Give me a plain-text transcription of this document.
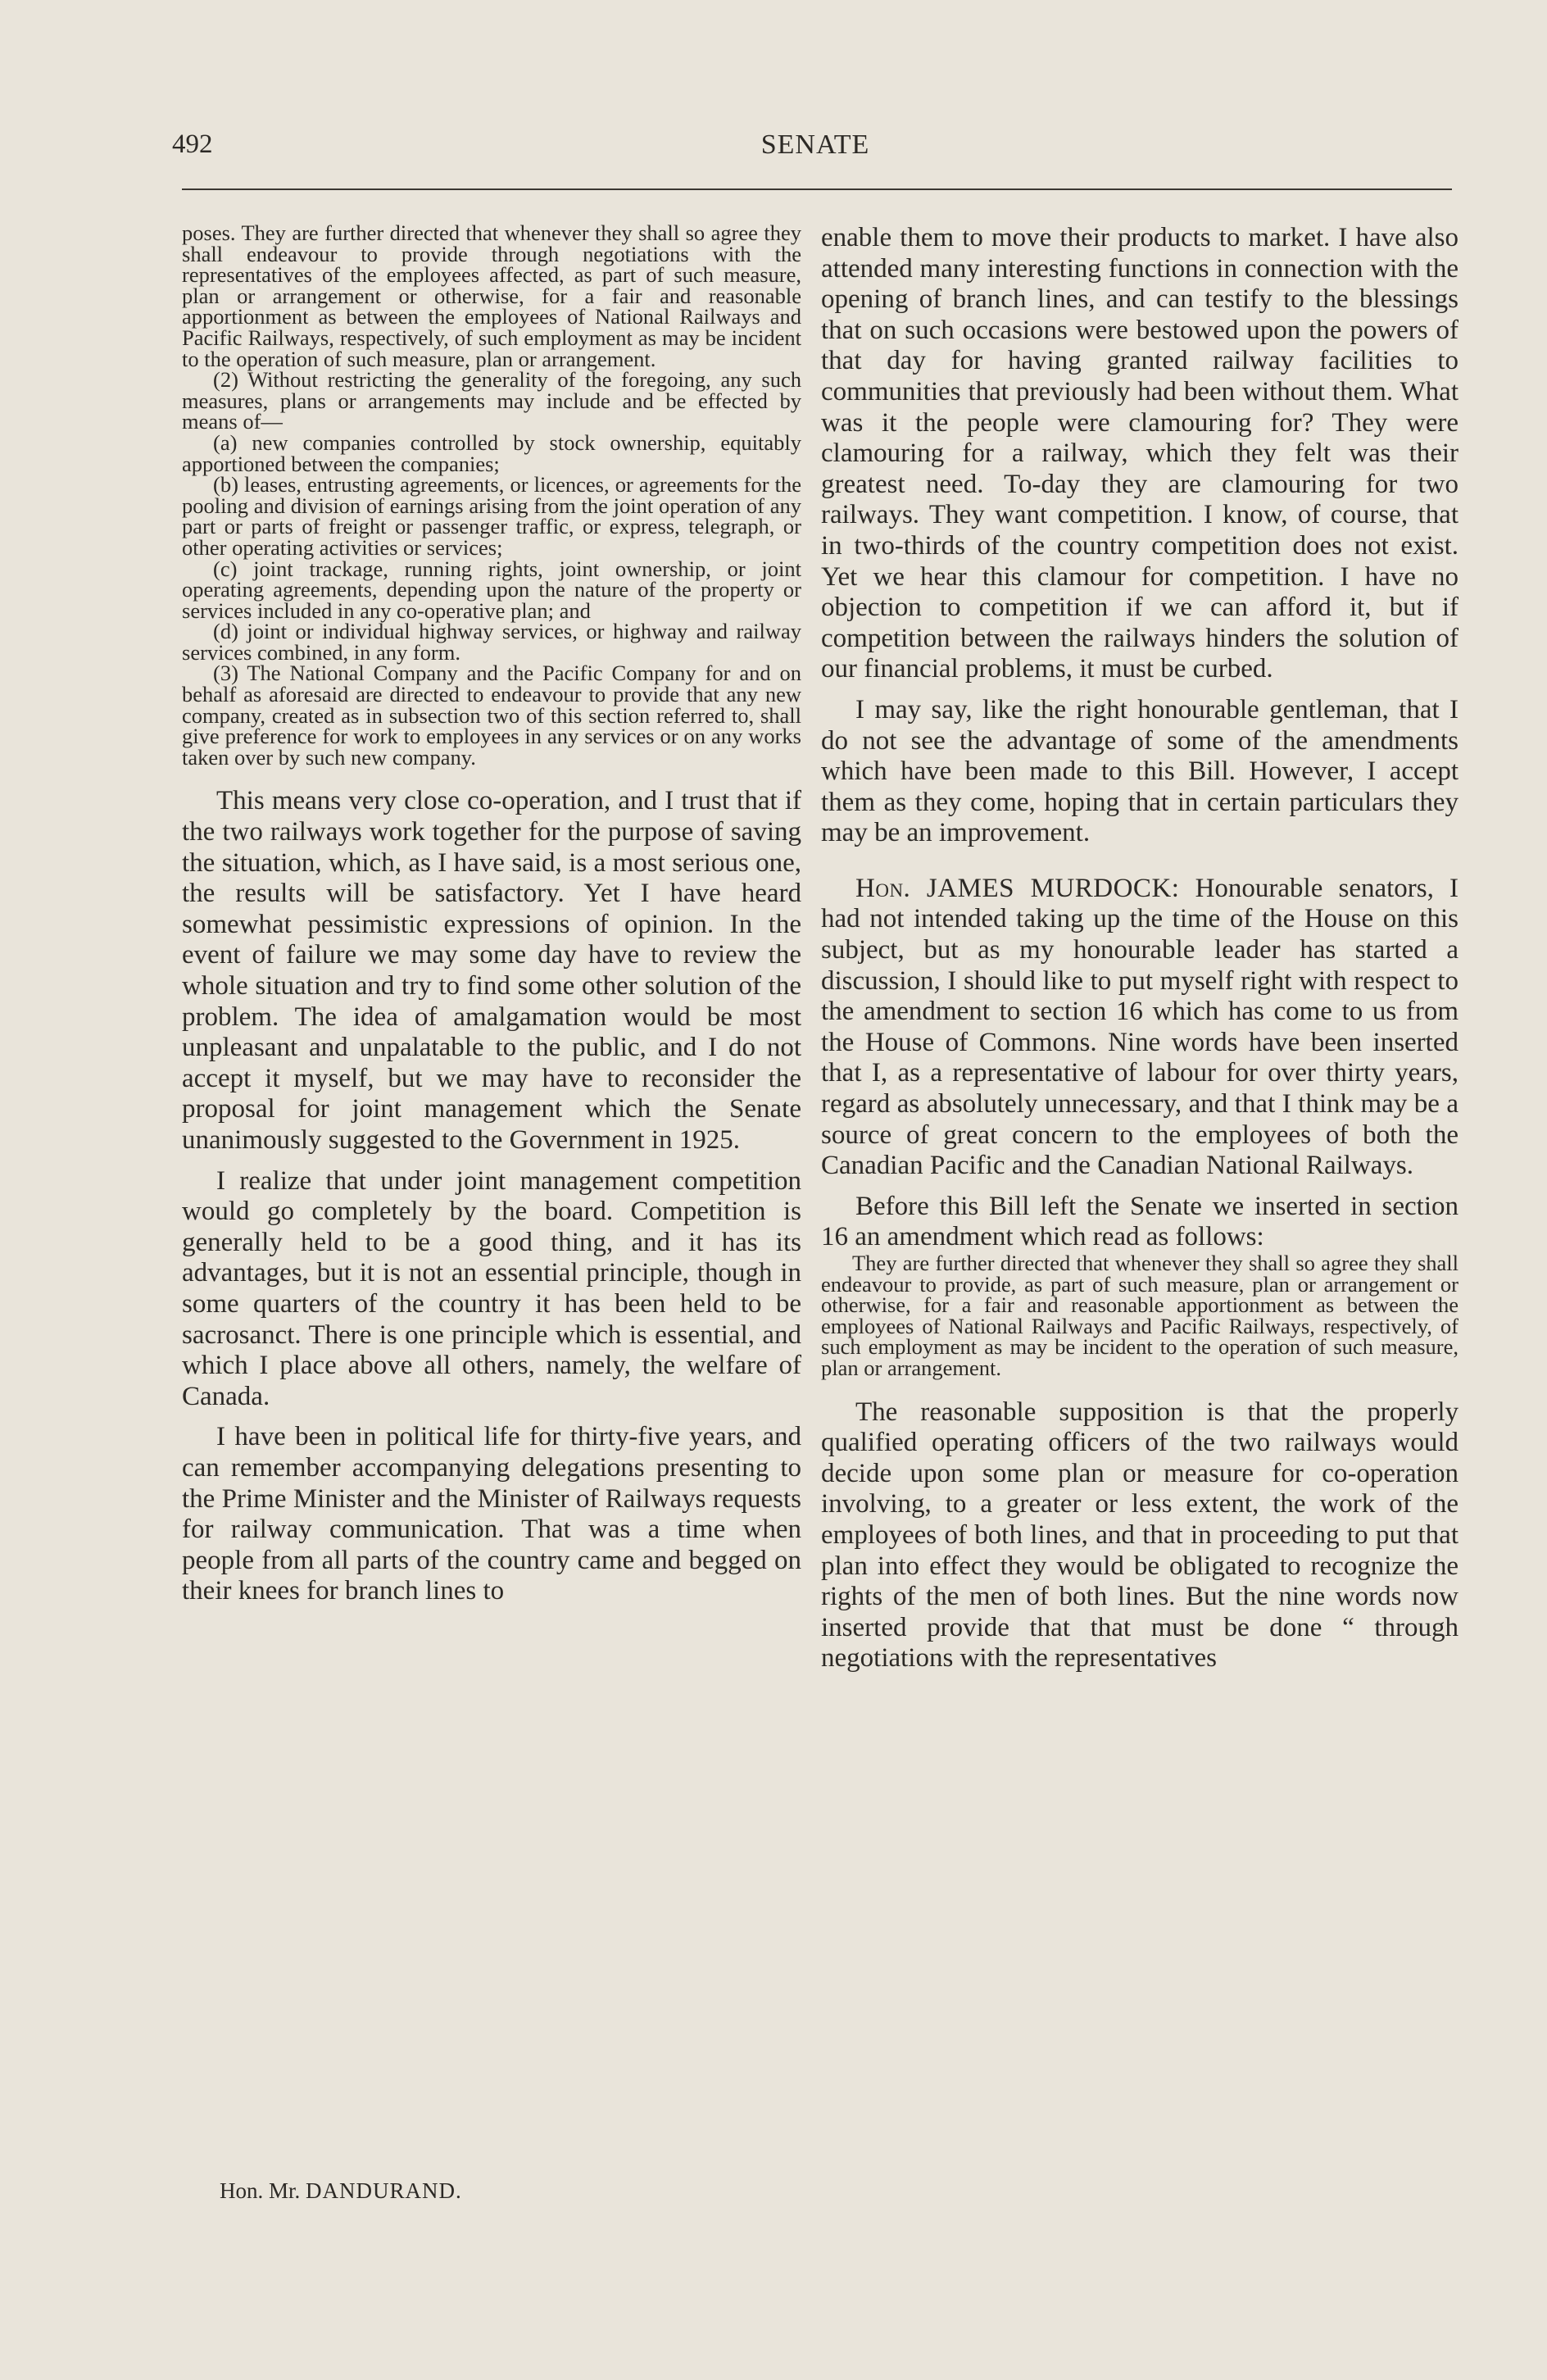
492	SENATE

poses. They are further directed that whenever they shall so agree they shall endeavour to provide through negotiations with the representatives of the employees affected, as part of such measure, plan or arrangement or otherwise, for a fair and reasonable apportionment as between the employees of National Railways and Pacific Railways, respectively, of such employment as may be incident to the operation of such measure, plan or arrangement.

(2) Without restricting the generality of the foregoing, any such measures, plans or arrangements may include and be effected by means of—

(a) new companies controlled by stock ownership, equitably apportioned between the companies;

(b) leases, entrusting agreements, or licences, or agreements for the pooling and division of earnings arising from the joint operation of any part or parts of freight or passenger traffic, or express, telegraph, or other operating activities or services;

(c) joint trackage, running rights, joint ownership, or joint operating agreements, depending upon the nature of the property or services included in any co-operative plan; and

(d) joint or individual highway services, or highway and railway services combined, in any form.

(3) The National Company and the Pacific Company for and on behalf as aforesaid are directed to endeavour to provide that any new company, created as in subsection two of this section referred to, shall give preference for work to employees in any services or on any works taken over by such new company.

This means very close co-operation, and I trust that if the two railways work together for the purpose of saving the situation, which, as I have said, is a most serious one, the results will be satisfactory. Yet I have heard somewhat pessimistic expressions of opinion. In the event of failure we may some day have to review the whole situation and try to find some other solution of the problem. The idea of amalgamation would be most unpleasant and unpalatable to the public, and I do not accept it myself, but we may have to reconsider the proposal for joint management which the Senate unanimously suggested to the Government in 1925.

I realize that under joint management competition would go completely by the board. Competition is generally held to be a good thing, and it has its advantages, but it is not an essential principle, though in some quarters of the country it has been held to be sacrosanct. There is one principle which is essential, and which I place above all others, namely, the welfare of Canada.

I have been in political life for thirty-five years, and can remember accompanying delegations presenting to the Prime Minister and the Minister of Railways requests for railway communication. That was a time when people from all parts of the country came and begged on their knees for branch lines to

enable them to move their products to market. I have also attended many interesting functions in connection with the opening of branch lines, and can testify to the blessings that on such occasions were bestowed upon the powers of that day for having granted railway facilities to communities that previously had been without them. What was it the people were clamouring for? They were clamouring for a railway, which they felt was their greatest need. To-day they are clamouring for two railways. They want competition. I know, of course, that in two-thirds of the country competition does not exist. Yet we hear this clamour for competition. I have no objection to competition if we can afford it, but if competition between the railways hinders the solution of our financial problems, it must be curbed.

I may say, like the right honourable gentleman, that I do not see the advantage of some of the amendments which have been made to this Bill. However, I accept them as they come, hoping that in certain particulars they may be an improvement.

Hon. JAMES MURDOCK: Honourable senators, I had not intended taking up the time of the House on this subject, but as my honourable leader has started a discussion, I should like to put myself right with respect to the amendment to section 16 which has come to us from the House of Commons. Nine words have been inserted that I, as a representative of labour for over thirty years, regard as absolutely unnecessary, and that I think may be a source of great concern to the employees of both the Canadian Pacific and the Canadian National Railways.

Before this Bill left the Senate we inserted in section 16 an amendment which read as follows:

They are further directed that whenever they shall so agree they shall endeavour to provide, as part of such measure, plan or arrangement or otherwise, for a fair and reasonable apportionment as between the employees of National Railways and Pacific Railways, respectively, of such employment as may be incident to the operation of such measure, plan or arrangement.

The reasonable supposition is that the properly qualified operating officers of the two railways would decide upon some plan or measure for co-operation involving, to a greater or less extent, the work of the employees of both lines, and that in proceeding to put that plan into effect they would be obligated to recognize the rights of the men of both lines. But the nine words now inserted provide that that must be done “ through negotiations with the representatives

Hon. Mr. DANDURAND.
